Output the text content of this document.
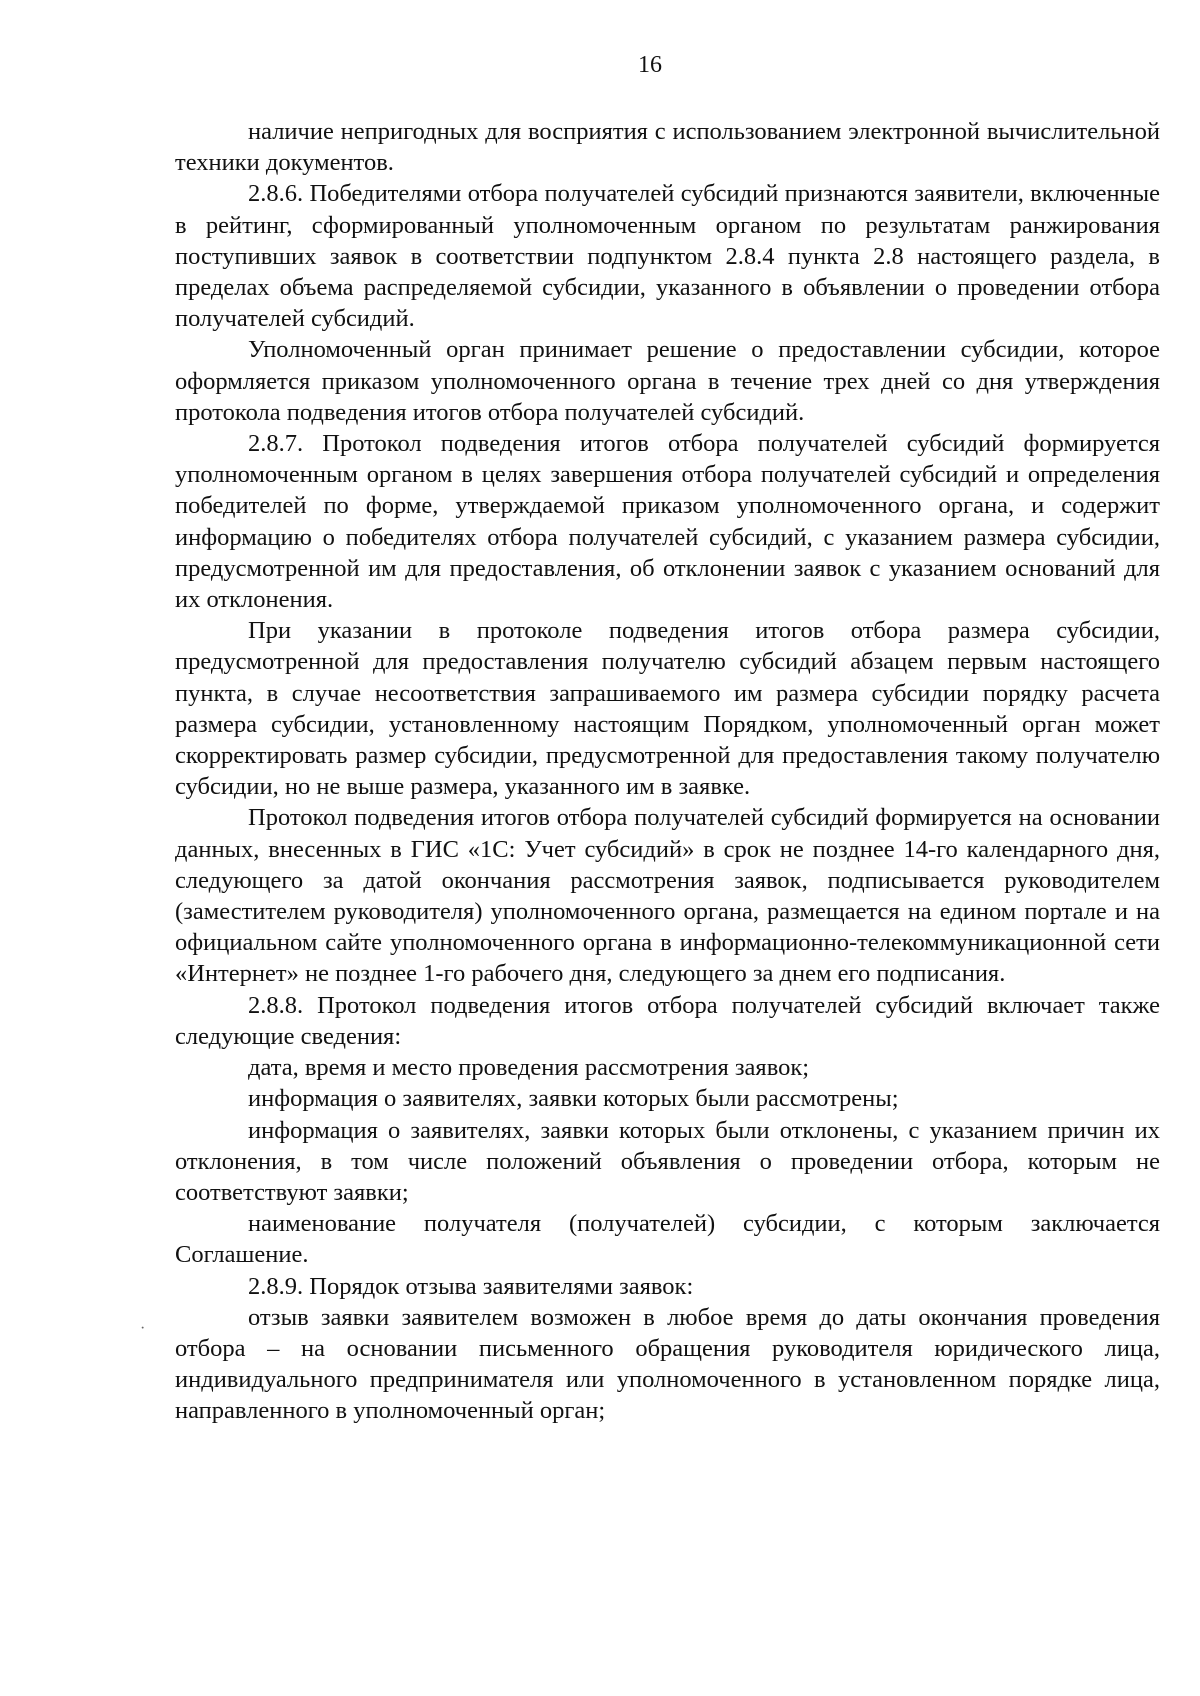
16

наличие непригодных для восприятия с использованием электронной вычислительной техники документов.

2.8.6. Победителями отбора получателей субсидий признаются заявители, включенные в рейтинг, сформированный уполномоченным органом по результатам ранжирования поступивших заявок в соответствии подпунктом 2.8.4 пункта 2.8 настоящего раздела, в пределах объема распределяемой субсидии, указанного в объявлении о проведении отбора получателей субсидий.

Уполномоченный орган принимает решение о предоставлении субсидии, которое оформляется приказом уполномоченного органа в течение трех дней со дня утверждения протокола подведения итогов отбора получателей субсидий.

2.8.7. Протокол подведения итогов отбора получателей субсидий формируется уполномоченным органом в целях завершения отбора получателей субсидий и определения победителей по форме, утверждаемой приказом уполномоченного органа, и содержит информацию о победителях отбора получателей субсидий, с указанием размера субсидии, предусмотренной им для предоставления, об отклонении заявок с указанием оснований для их отклонения.

При указании в протоколе подведения итогов отбора размера субсидии, предусмотренной для предоставления получателю субсидий абзацем первым настоящего пункта, в случае несоответствия запрашиваемого им размера субсидии порядку расчета размера субсидии, установленному настоящим Порядком, уполномоченный орган может скорректировать размер субсидии, предусмотренной для предоставления такому получателю субсидии, но не выше размера, указанного им в заявке.

Протокол подведения итогов отбора получателей субсидий формируется на основании данных, внесенных в ГИС «1С: Учет субсидий» в срок не позднее 14-го календарного дня, следующего за датой окончания рассмотрения заявок, подписывается руководителем (заместителем руководителя) уполномоченного органа, размещается на едином портале и на официальном сайте уполномоченного органа в информационно-телекоммуникационной сети «Интернет» не позднее 1-го рабочего дня, следующего за днем его подписания.

2.8.8. Протокол подведения итогов отбора получателей субсидий включает также следующие сведения:

дата, время и место проведения рассмотрения заявок;

информация о заявителях, заявки которых были рассмотрены;

информация о заявителях, заявки которых были отклонены, с указанием причин их отклонения, в том числе положений объявления о проведении отбора, которым не соответствуют заявки;

наименование получателя (получателей) субсидии, с которым заключается Соглашение.

2.8.9. Порядок отзыва заявителями заявок:

отзыв заявки заявителем возможен в любое время до даты окончания проведения отбора – на основании письменного обращения руководителя юридического лица, индивидуального предпринимателя или уполномоченного в установленном порядке лица, направленного в уполномоченный орган;

·
